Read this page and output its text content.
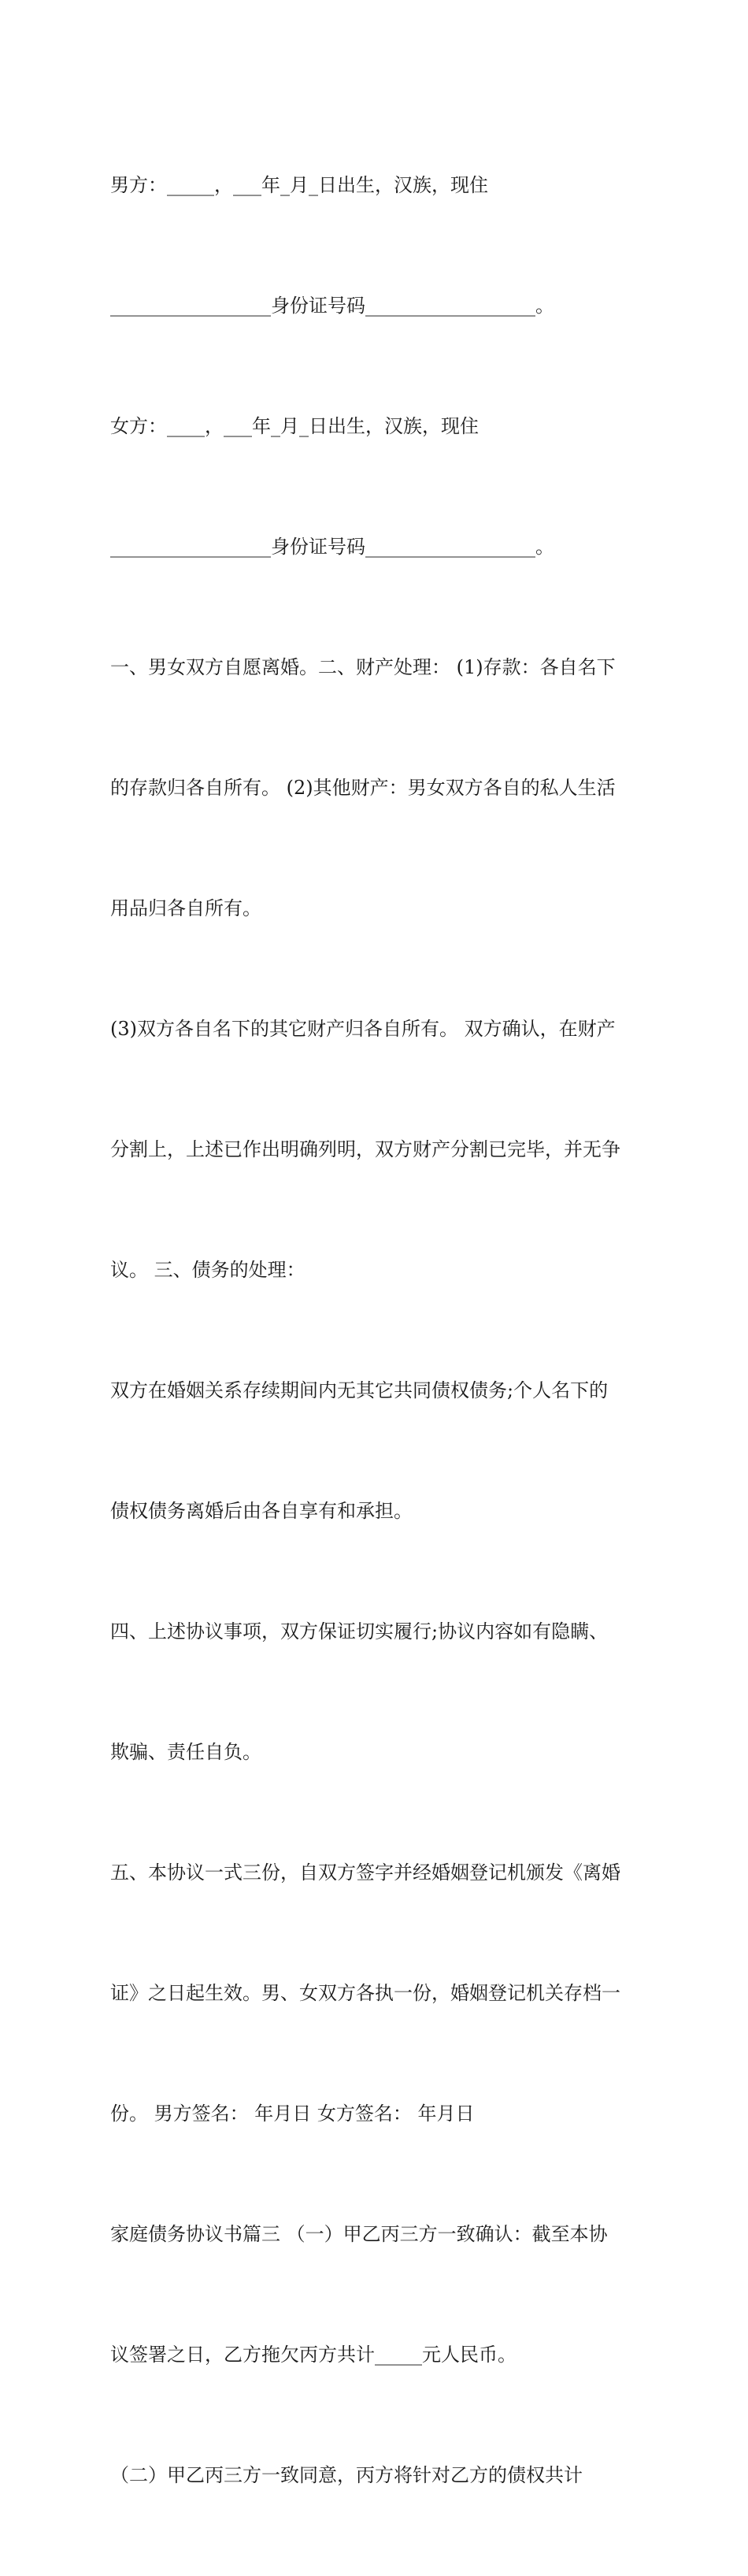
男方：_____，___年_月_日出生，汉族，现住

_________________身份证号码__________________。

女方：____，___年_月_日出生，汉族，现住

_________________身份证号码__________________。

一、男女双方自愿离婚。二、财产处理： (1)存款：各自名下

的存款归各自所有。 (2)其他财产：男女双方各自的私人生活

用品归各自所有。

(3)双方各自名下的其它财产归各自所有。 双方确认，在财产

分割上，上述已作出明确列明，双方财产分割已完毕，并无争

议。 三、债务的处理：

双方在婚姻关系存续期间内无其它共同债权债务;个人名下的

债权债务离婚后由各自享有和承担。

四、上述协议事项，双方保证切实履行;协议内容如有隐瞒、

欺骗、责任自负。

五、本协议一式三份，自双方签字并经婚姻登记机颁发《离婚

证》之日起生效。男、女双方各执一份，婚姻登记机关存档一

份。 男方签名： 年月日 女方签名： 年月日

家庭债务协议书篇三 （一）甲乙丙三方一致确认：截至本协

议签署之日，乙方拖欠丙方共计_____元人民币。

（二）甲乙丙三方一致同意，丙方将针对乙方的债权共计
